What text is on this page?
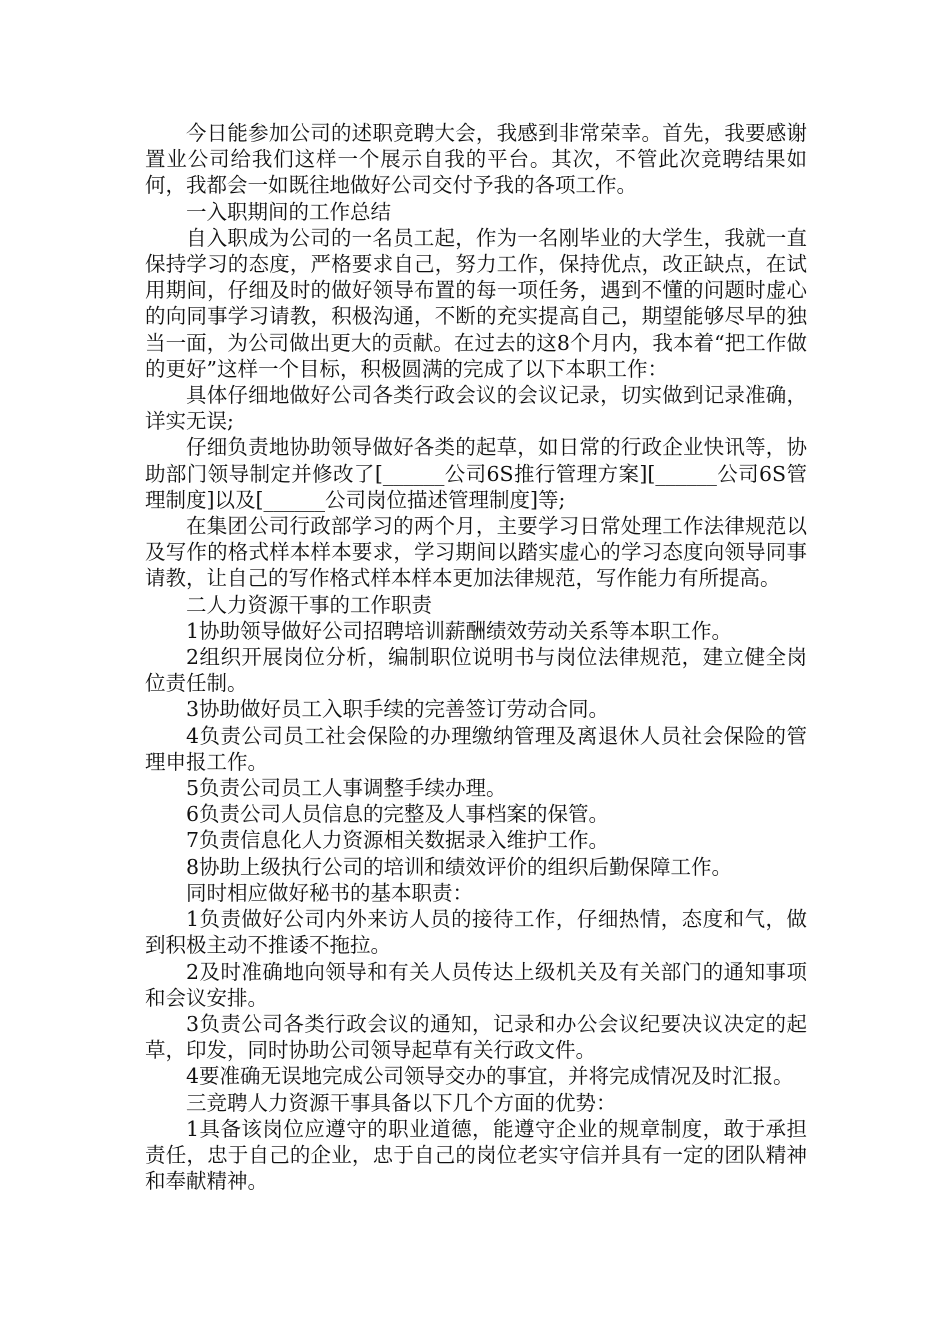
今日能参加公司的述职竞聘大会，我感到非常荣幸。首先，我要感谢置业公司给我们这样一个展示自我的平台。其次，不管此次竞聘结果如何，我都会一如既往地做好公司交付予我的各项工作。

一入职期间的工作总结

自入职成为公司的一名员工起，作为一名刚毕业的大学生，我就一直保持学习的态度，严格要求自己，努力工作，保持优点，改正缺点，在试用期间，仔细及时的做好领导布置的每一项任务，遇到不懂的问题时虚心的向同事学习请教，积极沟通，不断的充实提高自己，期望能够尽早的独当一面，为公司做出更大的贡献。在过去的这8个月内，我本着“把工作做的更好”这样一个目标，积极圆满的完成了以下本职工作：

具体仔细地做好公司各类行政会议的会议记录，切实做到记录准确，详实无误;

仔细负责地协助领导做好各类的起草，如日常的行政企业快讯等，协助部门领导制定并修改了[______公司6S推行管理方案][______公司6S管理制度]以及[______公司岗位描述管理制度]等;

在集团公司行政部学习的两个月，主要学习日常处理工作法律规范以及写作的格式样本样本要求，学习期间以踏实虚心的学习态度向领导同事请教，让自己的写作格式样本样本更加法律规范，写作能力有所提高。

二人力资源干事的工作职责

1协助领导做好公司招聘培训薪酬绩效劳动关系等本职工作。

2组织开展岗位分析，编制职位说明书与岗位法律规范，建立健全岗位责任制。

3协助做好员工入职手续的完善签订劳动合同。

4负责公司员工社会保险的办理缴纳管理及离退休人员社会保险的管理申报工作。

5负责公司员工人事调整手续办理。

6负责公司人员信息的完整及人事档案的保管。

7负责信息化人力资源相关数据录入维护工作。

8协助上级执行公司的培训和绩效评价的组织后勤保障工作。

同时相应做好秘书的基本职责：

1负责做好公司内外来访人员的接待工作，仔细热情，态度和气，做到积极主动不推诿不拖拉。

2及时准确地向领导和有关人员传达上级机关及有关部门的通知事项和会议安排。

3负责公司各类行政会议的通知，记录和办公会议纪要决议决定的起草，印发，同时协助公司领导起草有关行政文件。

4要准确无误地完成公司领导交办的事宜，并将完成情况及时汇报。

三竞聘人力资源干事具备以下几个方面的优势：

1具备该岗位应遵守的职业道德，能遵守企业的规章制度，敢于承担责任，忠于自己的企业，忠于自己的岗位老实守信并具有一定的团队精神和奉献精神。
